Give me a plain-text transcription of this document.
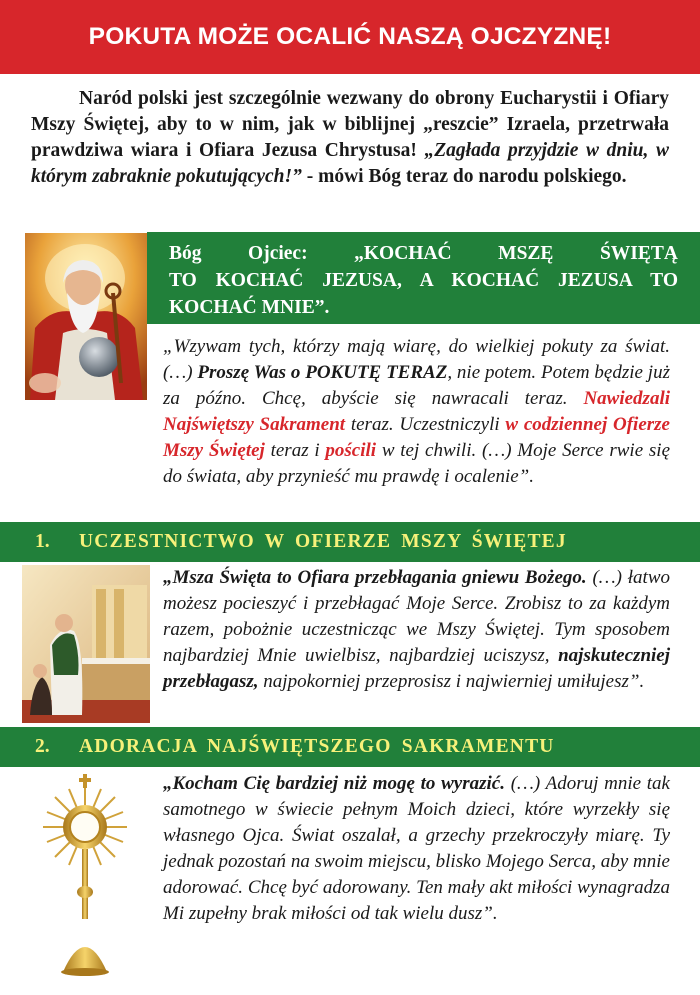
POKUTA MOŻE OCALIĆ NASZĄ OJCZYZNĘ!
Naród polski jest szczególnie wezwany do obrony Eucharystii i Ofiary Mszy Świętej, aby to w nim, jak w biblijnej „reszcie” Izraela, przetrwała prawdziwa wiara i Ofiara Jezusa Chrystusa! „Zagłada przyjdzie w dniu, w którym zabraknie pokutujących!” - mówi Bóg teraz do narodu polskiego.
Bóg Ojciec: „KOCHAĆ MSZĘ ŚWIĘTĄ
TO KOCHAĆ JEZUSA, A KOCHAĆ JEZUSA TO KOCHAĆ MNIE”.
„Wzywam tych, którzy mają wiarę, do wielkiej pokuty za świat. (…) Proszę Was o POKUTĘ TERAZ, nie potem. Potem będzie już za późno. Chcę, abyście się nawracali teraz. Nawiedzali Najświętszy Sakrament teraz. Uczestniczyli w codziennej Ofierze Mszy Świętej teraz i pościli w tej chwili. (…) Moje Serce rwie się do świata, aby przynieść mu prawdę i ocalenie”.
1. UCZESTNICTWO W OFIERZE MSZY ŚWIĘTEJ
„Msza Święta to Ofiara przebłagania gniewu Bożego. (…) łatwo możesz pocieszyć i przebłagać Moje Serce. Zrobisz to za każdym razem, pobożnie uczestnicząc we Mszy Świętej. Tym sposobem najbardziej Mnie uwielbisz, najbardziej uciszysz, najskuteczniej przebłagasz, najpokorniej przeprosisz i najwierniej umiłujesz”.
2. ADORACJA NAJŚWIĘTSZEGO SAKRAMENTU
„Kocham Cię bardziej niż mogę to wyrazić. (…) Adoruj mnie tak samotnego w świecie pełnym Moich dzieci, które wyrzekły się własnego Ojca. Świat oszalał, a grzechy przekroczyły miarę. Ty jednak pozostań na swoim miejscu, blisko Mojego Serca, aby mnie adorować. Chcę być adorowany. Ten mały akt miłości wynagradza Mi zupełny brak miłości od tak wielu dusz”.
